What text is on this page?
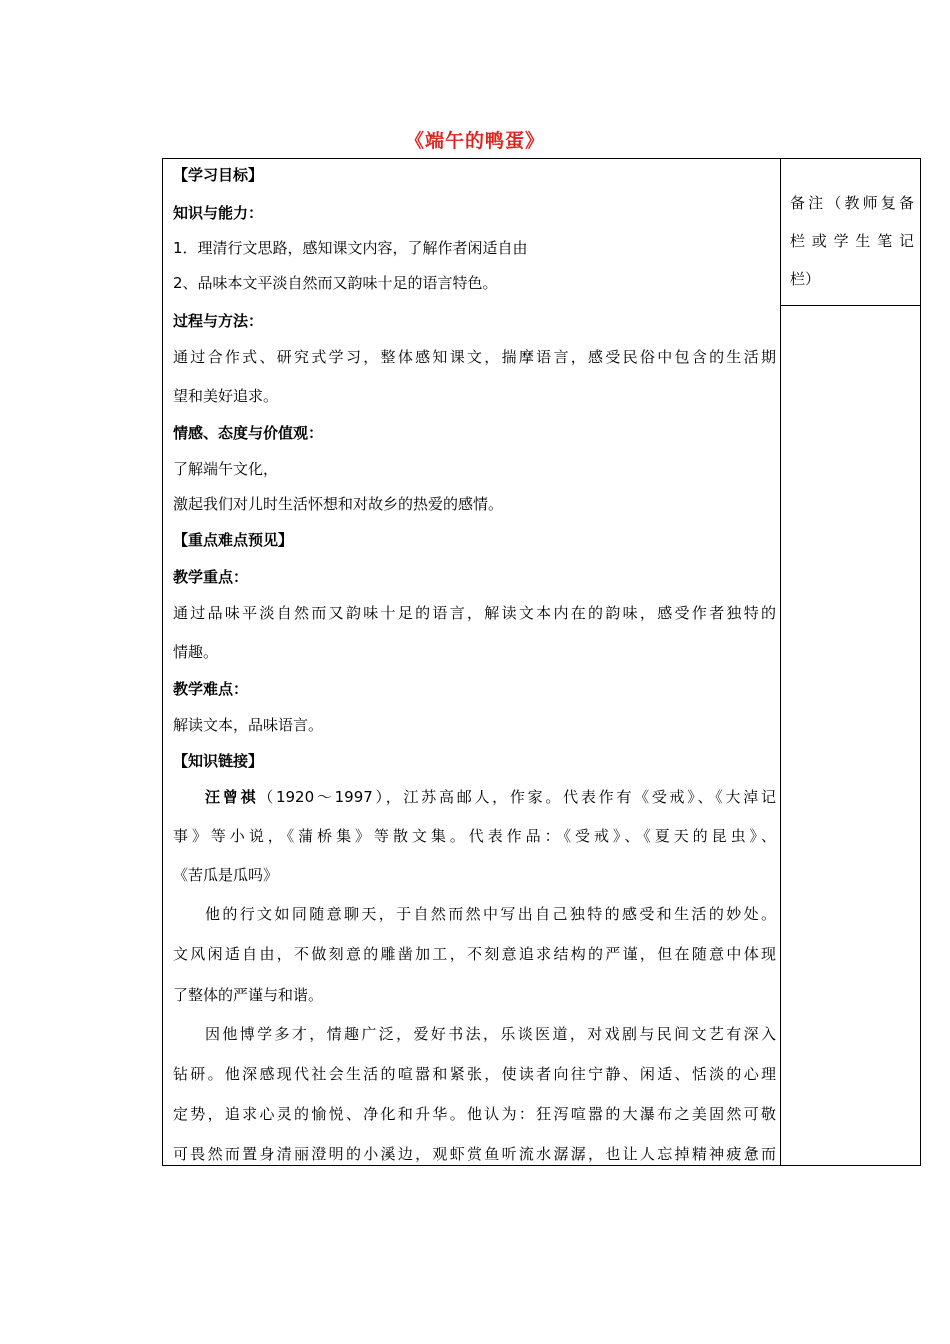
《端午的鸭蛋》
备注（教师复备
栏 或 学 生 笔 记
栏）
【学习目标】
知识与能力：
1．理清行文思路，感知课文内容，了解作者闲适自由
2、品味本文平淡自然而又韵味十足的语言特色。
过程与方法：
通过合作式、研究式学习，整体感知课文，揣摩语言，感受民俗中包含的生活期
望和美好追求。
情感、态度与价值观：
了解端午文化，
激起我们对儿时生活怀想和对故乡的热爱的感情。
【重点难点预见】
教学重点：
通过品味平淡自然而又韵味十足的语言，解读文本内在的韵味，感受作者独特的
情趣。
教学难点：
解读文本，品味语言。
【知识链接】
汪曾祺（1920～1997），江苏高邮人，作家。代表作有《受戒》、《大淖记
事》等小说，《蒲桥集》等散文集。代表作品：《受戒》、《夏天的昆虫》、
《苦瓜是瓜吗》
他的行文如同随意聊天，于自然而然中写出自己独特的感受和生活的妙处。
文风闲适自由，不做刻意的雕凿加工，不刻意追求结构的严谨，但在随意中体现
了整体的严谨与和谐。
因他博学多才，情趣广泛，爱好书法，乐谈医道，对戏剧与民间文艺有深入
钻研。他深感现代社会生活的喧嚣和紧张，使读者向往宁静、闲适、恬淡的心理
定势，追求心灵的愉悦、净化和升华。他认为：狂泻喧嚣的大瀑布之美固然可敬
可畏然而置身清丽澄明的小溪边，观虾赏鱼听流水潺潺，也让人忘掉精神疲惫而
